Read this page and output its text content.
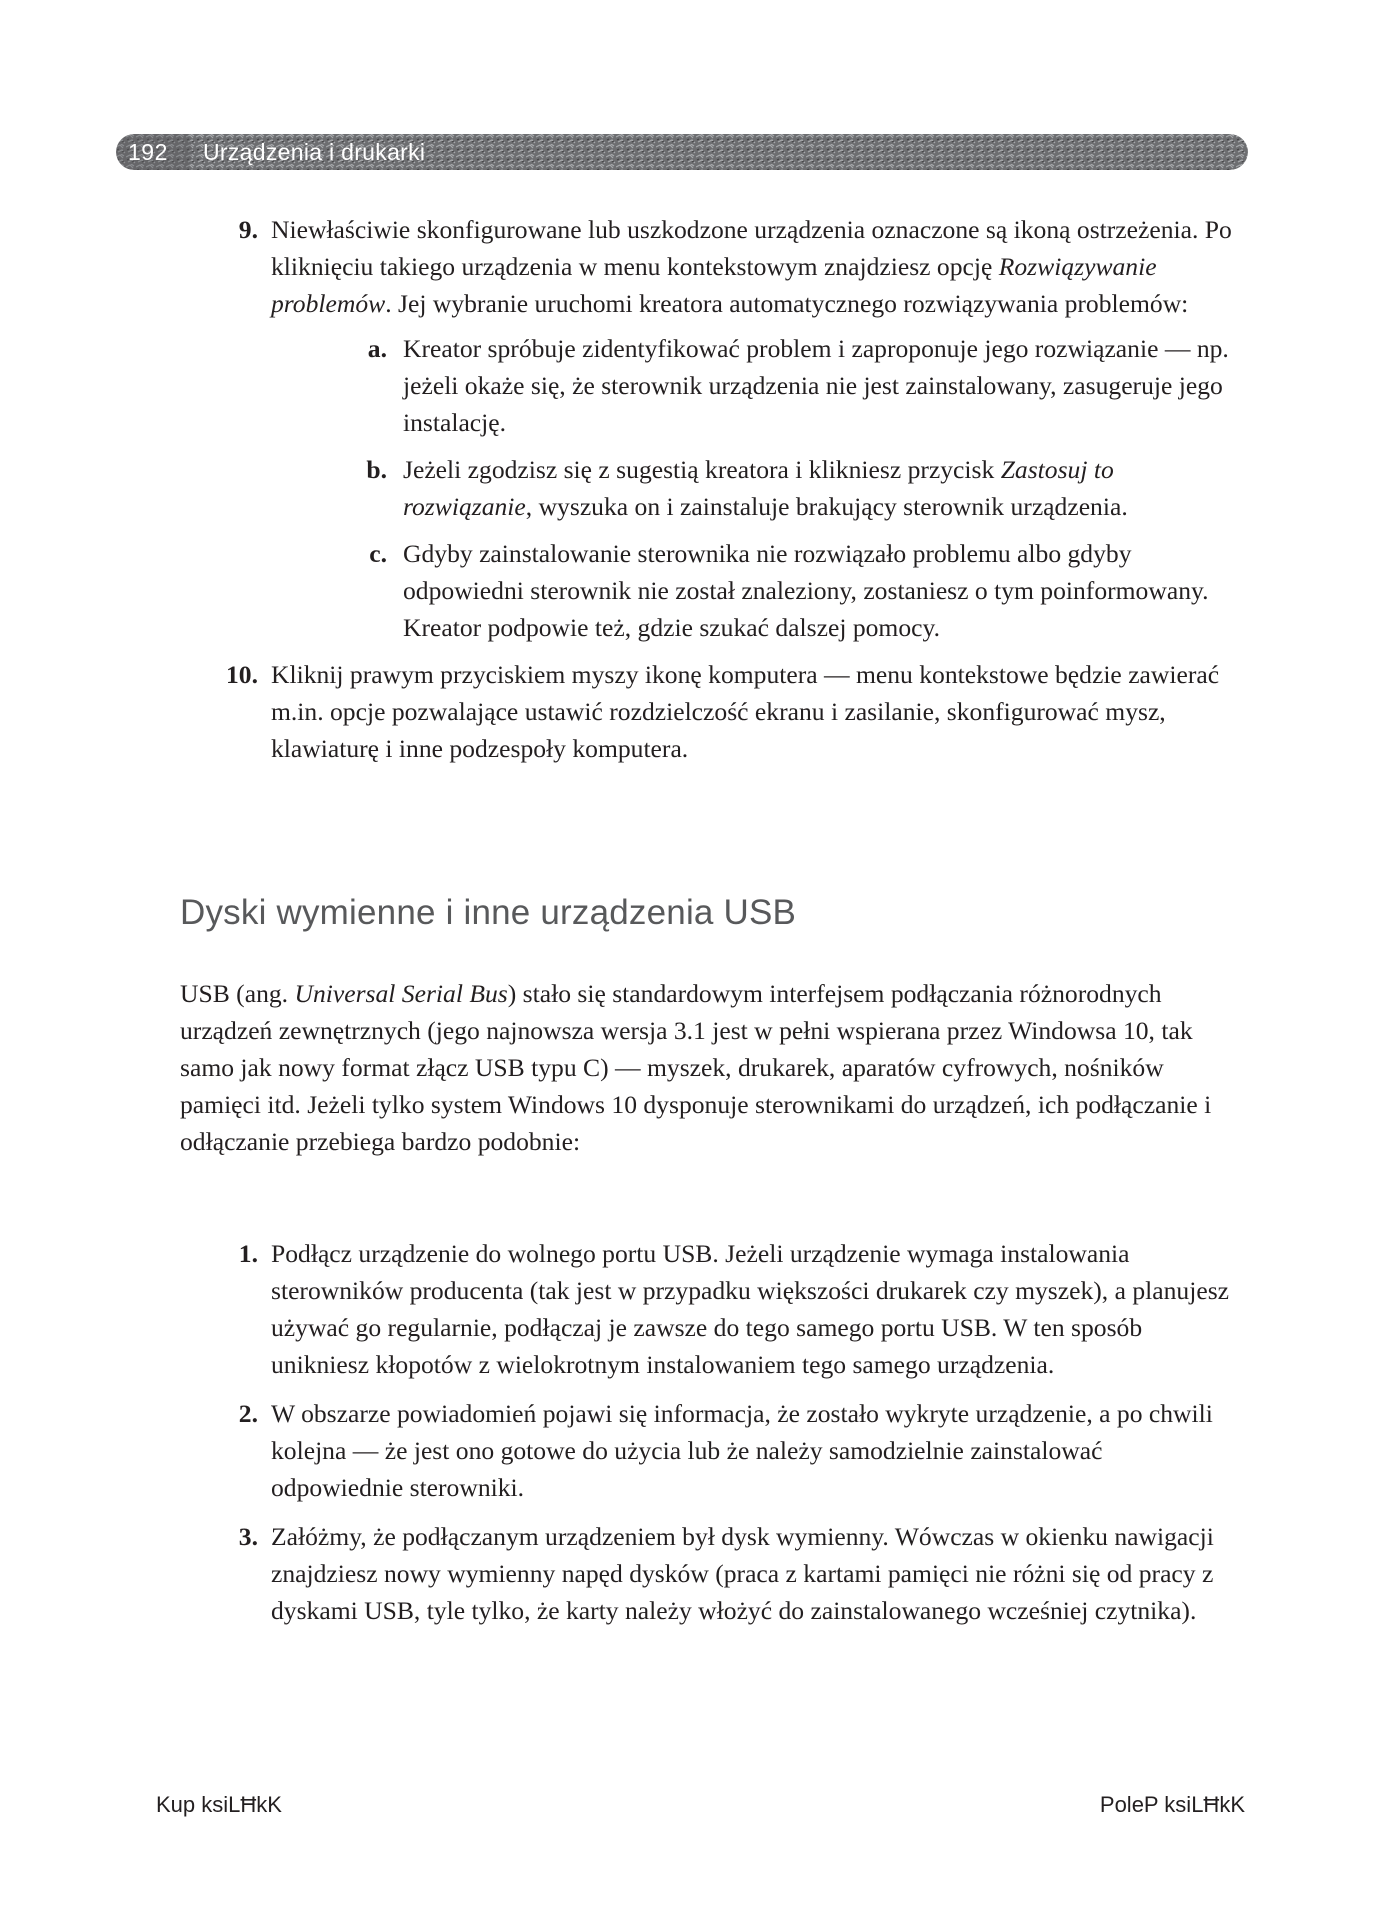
192	Urządzenia i drukarki
9. Niewłaściwie skonfigurowane lub uszkodzone urządzenia oznaczone są ikoną ostrzeżenia. Po kliknięciu takiego urządzenia w menu kontekstowym znajdziesz opcję Rozwiązywanie problemów. Jej wybranie uruchomi kreatora automatycznego rozwiązywania problemów:
a. Kreator spróbuje zidentyfikować problem i zaproponuje jego rozwiązanie — np. jeżeli okaże się, że sterownik urządzenia nie jest zainstalowany, zasugeruje jego instalację.
b. Jeżeli zgodzisz się z sugestią kreatora i klikniesz przycisk Zastosuj to rozwiązanie, wyszuka on i zainstaluje brakujący sterownik urządzenia.
c. Gdyby zainstalowanie sterownika nie rozwiązało problemu albo gdyby odpowiedni sterownik nie został znaleziony, zostaniesz o tym poinformowany. Kreator podpowie też, gdzie szukać dalszej pomocy.
10. Kliknij prawym przyciskiem myszy ikonę komputera — menu kontekstowe będzie zawierać m.in. opcje pozwalające ustawić rozdzielczość ekranu i zasilanie, skonfigurować mysz, klawiaturę i inne podzespoły komputera.
Dyski wymienne i inne urządzenia USB

USB (ang. Universal Serial Bus) stało się standardowym interfejsem podłączania różnorodnych urządzeń zewnętrznych (jego najnowsza wersja 3.1 jest w pełni wspierana przez Windowsa 10, tak samo jak nowy format złącz USB typu C) — myszek, drukarek, aparatów cyfrowych, nośników pamięci itd. Jeżeli tylko system Windows 10 dysponuje sterownikami do urządzeń, ich podłączanie i odłączanie przebiega bardzo podobnie:

1. Podłącz urządzenie do wolnego portu USB. Jeżeli urządzenie wymaga instalowania sterowników producenta (tak jest w przypadku większości drukarek czy myszek), a planujesz używać go regularnie, podłączaj je zawsze do tego samego portu USB. W ten sposób unikniesz kłopotów z wielokrotnym instalowaniem tego samego urządzenia.
2. W obszarze powiadomień pojawi się informacja, że zostało wykryte urządzenie, a po chwili kolejna — że jest ono gotowe do użycia lub że należy samodzielnie zainstalować odpowiednie sterowniki.
3. Załóżmy, że podłączanym urządzeniem był dysk wymienny. Wówczas w okienku nawigacji znajdziesz nowy wymienny napęd dysków (praca z kartami pamięci nie różni się od pracy z dyskami USB, tyle tylko, że karty należy włożyć do zainstalowanego wcześniej czytnika).
Kup ksiLĦkK	PoleP ksiLĦkK
